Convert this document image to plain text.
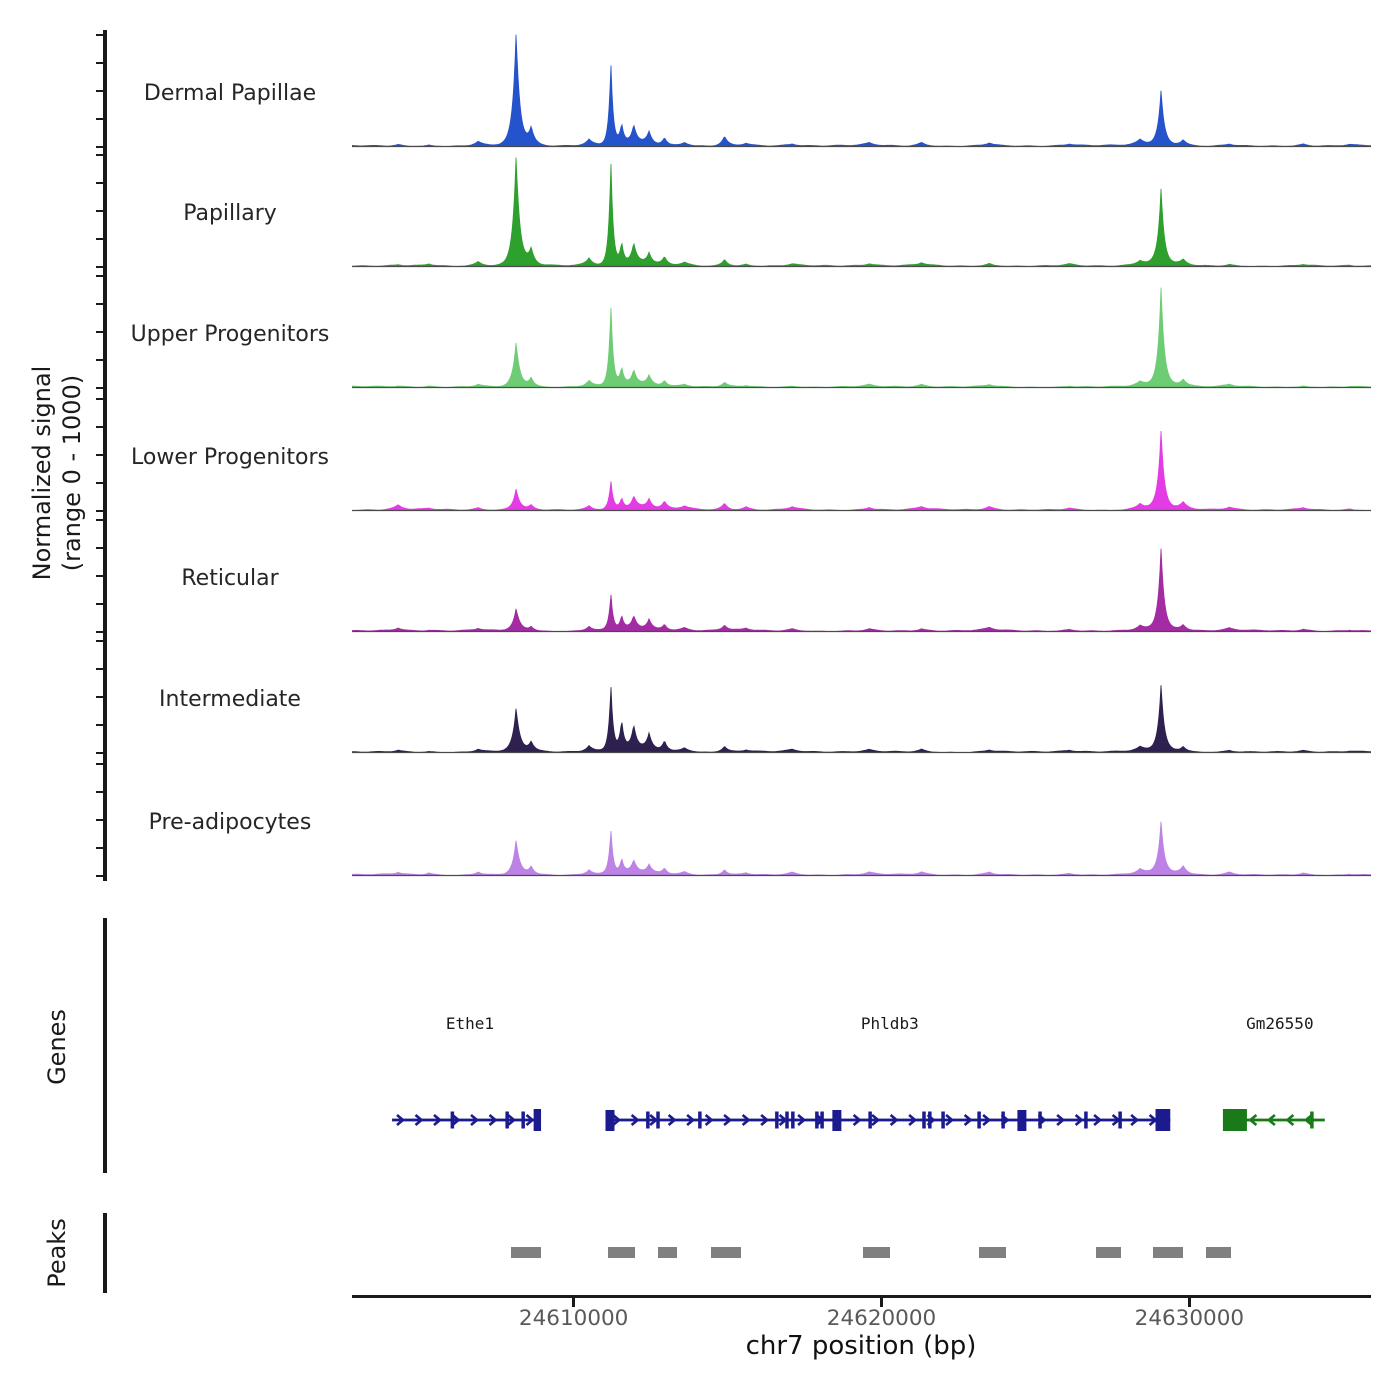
Normalized signal (range 0 - 1000)
Dermal Papillae
Papillary
Upper Progenitors
Lower Progenitors
Reticular
Intermediate
Pre-adipocytes
Genes	Ethe1	Phldb3	Gm26550
Peaks
24610000	24620000	24630000
chr7 position (bp)
